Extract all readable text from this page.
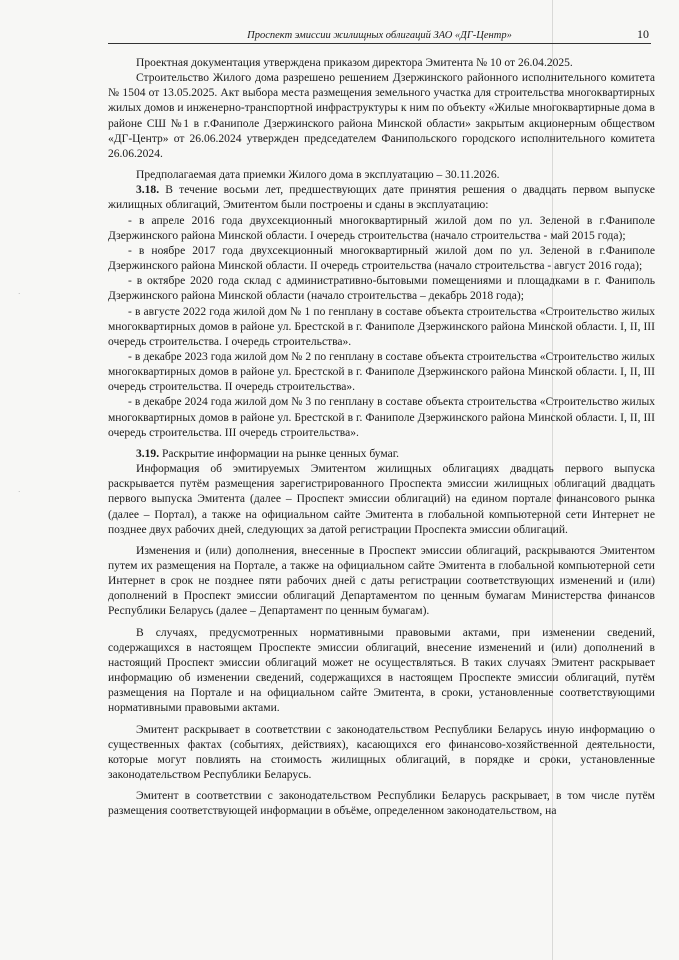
·
·
Проспект эмиссии жилищных облигаций ЗАО «ДГ-Центр»	10

Проектная документация утверждена приказом директора Эмитента № 10 от 26.04.2025.

Строительство Жилого дома разрешено решением Дзержинского районного исполнительного комитета № 1504 от 13.05.2025. Акт выбора места размещения земельного участка для строительства многоквартирных жилых домов и инженерно-транспортной инфраструктуры к ним по объекту «Жилые многоквартирные дома в районе СШ №1 в г.Фаниполе Дзержинского района Минской области» закрытым акционерным обществом «ДГ-Центр» от 26.06.2024 утвержден председателем Фанипольского городского исполнительного комитета 26.06.2024.

Предполагаемая дата приемки Жилого дома в эксплуатацию – 30.11.2026.

3.18. В течение восьми лет, предшествующих дате принятия решения о двадцать первом выпуске жилищных облигаций, Эмитентом были построены и сданы в эксплуатацию:

- в апреле 2016 года двухсекционный многоквартирный жилой дом по ул. Зеленой в г.Фаниполе Дзержинского района Минской области. I очередь строительства (начало строительства - май 2015 года);

- в ноябре 2017 года двухсекционный многоквартирный жилой дом по ул. Зеленой в г.Фаниполе Дзержинского района Минской области. II очередь строительства (начало строительства - август 2016 года);

- в октябре 2020 года склад с административно-бытовыми помещениями и площадками в г. Фаниполь Дзержинского района Минской области (начало строительства – декабрь 2018 года);

- в августе 2022 года жилой дом № 1 по генплану в составе объекта строительства «Строительство жилых многоквартирных домов в районе ул. Брестской в г. Фаниполе Дзержинского района Минской области. I, II, III очередь строительства. I очередь строительства».

- в декабре 2023 года жилой дом № 2 по генплану в составе объекта строительства «Строительство жилых многоквартирных домов в районе ул. Брестской в г. Фаниполе Дзержинского района Минской области. I, II, III очередь строительства. II очередь строительства».

- в декабре 2024 года жилой дом № 3 по генплану в составе объекта строительства «Строительство жилых многоквартирных домов в районе ул. Брестской в г. Фаниполе Дзержинского района Минской области. I, II, III очередь строительства. III очередь строительства».

3.19. Раскрытие информации на рынке ценных бумаг.

Информация об эмитируемых Эмитентом жилищных облигациях двадцать первого выпуска раскрывается путём размещения зарегистрированного Проспекта эмиссии жилищных облигаций двадцать первого выпуска Эмитента (далее – Проспект эмиссии облигаций) на едином портале финансового рынка (далее – Портал), а также на официальном сайте Эмитента в глобальной компьютерной сети Интернет не позднее двух рабочих дней, следующих за датой регистрации Проспекта эмиссии облигаций.

Изменения и (или) дополнения, внесенные в Проспект эмиссии облигаций, раскрываются Эмитентом путем их размещения на Портале, а также на официальном сайте Эмитента в глобальной компьютерной сети Интернет в срок не позднее пяти рабочих дней с даты регистрации соответствующих изменений и (или) дополнений в Проспект эмиссии облигаций Департаментом по ценным бумагам Министерства финансов Республики Беларусь (далее – Департамент по ценным бумагам).

В случаях, предусмотренных нормативными правовыми актами, при изменении сведений, содержащихся в настоящем Проспекте эмиссии облигаций, внесение изменений и (или) дополнений в настоящий Проспект эмиссии облигаций может не осуществляться. В таких случаях Эмитент раскрывает информацию об изменении сведений, содержащихся в настоящем Проспекте эмиссии облигаций, путём размещения на Портале и на официальном сайте Эмитента, в сроки, установленные соответствующими нормативными правовыми актами.

Эмитент раскрывает в соответствии с законодательством Республики Беларусь иную информацию о существенных фактах (событиях, действиях), касающихся его финансово-хозяйственной деятельности, которые могут повлиять на стоимость жилищных облигаций, в порядке и сроки, установленные законодательством Республики Беларусь.

Эмитент в соответствии с законодательством Республики Беларусь раскрывает, в том числе путём размещения соответствующей информации в объёме, определенном законодательством, на
